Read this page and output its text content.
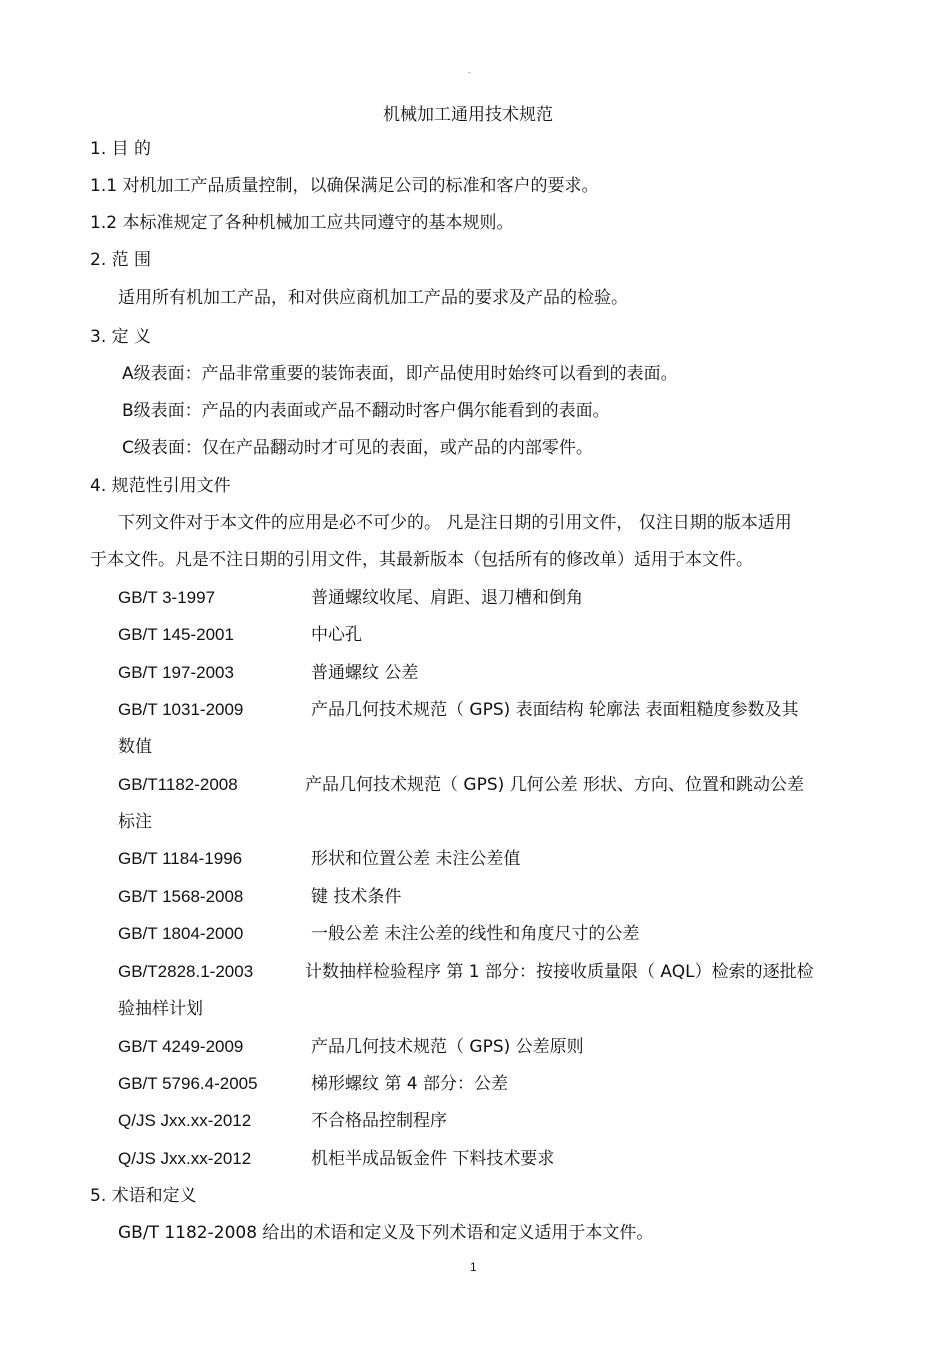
-
机械加工通用技术规范
1. 目 的
1.1 对机加工产品质量控制，以确保满足公司的标准和客户的要求。
1.2 本标准规定了各种机械加工应共同遵守的基本规则。
2. 范 围
适用所有机加工产品，和对供应商机加工产品的要求及产品的检验。
3. 定 义
A级表面：产品非常重要的装饰表面，即产品使用时始终可以看到的表面。
B级表面：产品的内表面或产品不翻动时客户偶尔能看到的表面。
C级表面：仅在产品翻动时才可见的表面，或产品的内部零件。
4. 规范性引用文件
下列文件对于本文件的应用是必不可少的。 凡是注日期的引用文件， 仅注日期的版本适用
于本文件。凡是不注日期的引用文件，其最新版本（包括所有的修改单）适用于本文件。
GB/T 3-1997	普通螺纹收尾、肩距、退刀槽和倒角
GB/T 145-2001	中心孔
GB/T 197-2003	普通螺纹 公差
GB/T 1031-2009	产品几何技术规范（ GPS) 表面结构 轮廓法 表面粗糙度参数及其
数值
GB/T1182-2008	产品几何技术规范（ GPS) 几何公差 形状、方向、位置和跳动公差
标注
GB/T 1184-1996	形状和位置公差 未注公差值
GB/T 1568-2008	键 技术条件
GB/T 1804-2000	一般公差 未注公差的线性和角度尺寸的公差
GB/T2828.1-2003	计数抽样检验程序 第 1 部分：按接收质量限（ AQL）检索的逐批检
验抽样计划
GB/T 4249-2009	产品几何技术规范（ GPS) 公差原则
GB/T 5796.4-2005	梯形螺纹 第 4 部分：公差
Q/JS Jxx.xx-2012	不合格品控制程序
Q/JS Jxx.xx-2012	机柜半成品钣金件 下料技术要求
5. 术语和定义
GB/T 1182-2008 给出的术语和定义及下列术语和定义适用于本文件。
1
